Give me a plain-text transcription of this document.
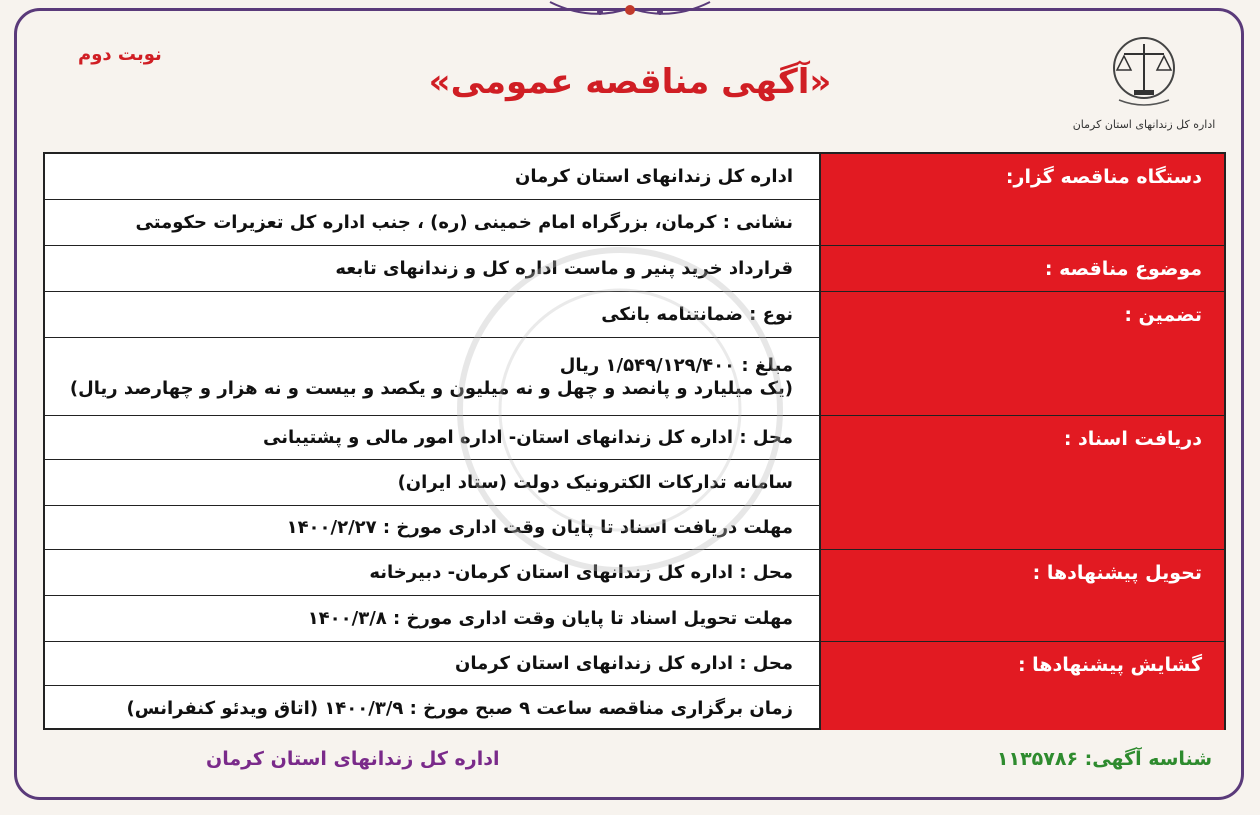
اداره کل زندانهای استان کرمان
نوبت دوم
«آگهی مناقصه عمومی»
اداره کل زندانهای استان کرمان
نشانی : کرمان، بزرگراه امام خمینی (ره) ، جنب اداره کل تعزیرات حکومتی
قرارداد خرید پنیر و ماست اداره کل و زندانهای تابعه
نوع : ضمانتنامه بانکی
مبلغ : ۱/۵۴۹/۱۲۹/۴۰۰ ریال
(یک میلیارد و پانصد و چهل و نه میلیون و یکصد و بیست و نه هزار و چهارصد ریال)
محل : اداره کل زندانهای استان- اداره امور مالی و پشتیبانی
سامانه تدارکات الکترونیک دولت (ستاد ایران)
مهلت دریافت اسناد تا پایان وقت اداری مورخ : ۱۴۰۰/۲/۲۷
محل : اداره کل زندانهای استان کرمان- دبیرخانه
مهلت تحویل اسناد تا پایان وقت اداری مورخ : ۱۴۰۰/۳/۸
محل : اداره کل زندانهای استان کرمان
زمان برگزاری مناقصه ساعت ۹ صبح مورخ : ۱۴۰۰/۳/۹ (اتاق ویدئو کنفرانس)
دستگاه مناقصه گزار:
موضوع مناقصه :
تضمین :
دریافت اسناد :
تحویل پیشنهادها :
گشایش پیشنهادها :
شناسه آگهی: ۱۱۳۵۷۸۶
اداره کل زندانهای استان کرمان
